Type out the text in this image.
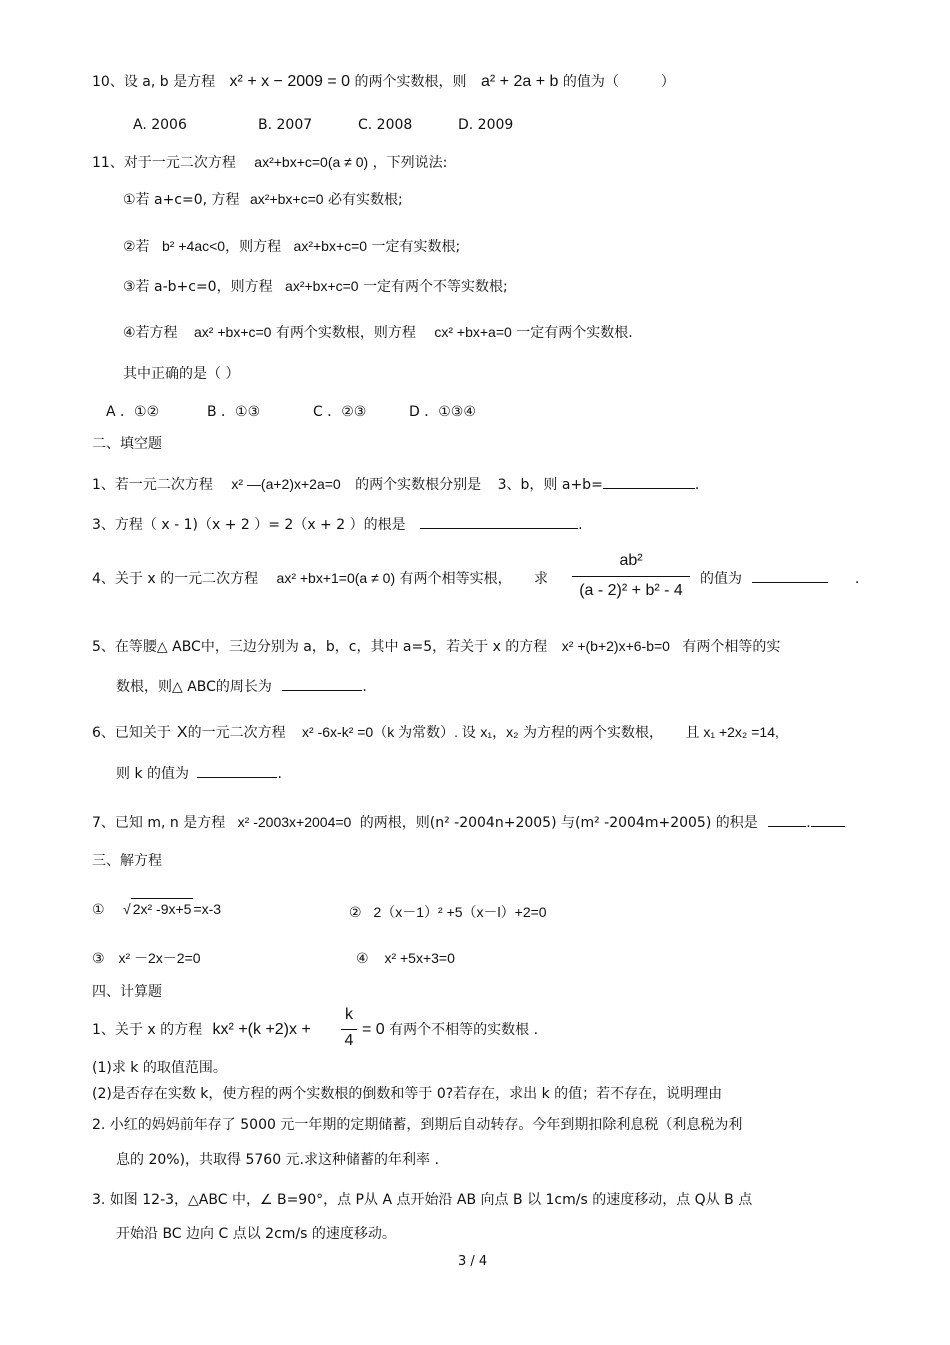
10、设 a, b 是方程 x² + x − 2009 = 0 的两个实数根，则 a² + 2a + b 的值为（　　　）
A. 2006	B. 2007	C. 2008	D. 2009
11、对于一元二次方程 ax²+bx+c=0(a ≠ 0) ，下列说法:
①若 a+c=0, 方程 ax²+bx+c=0 必有实数根;
②若 b² +4ac<0，则方程 ax²+bx+c=0 一定有实数根;
③若 a-b+c=0，则方程 ax²+bx+c=0 一定有两个不等实数根;
④若方程 ax² +bx+c=0 有两个实数根，则方程 cx² +bx+a=0 一定有两个实数根.
其中正确的是（ ）
A ．①②	B ．①③	C ．②③	D ．①③④
二、填空题
1、若一元二次方程 x² —(a+2)x+2a=0 的两个实数根分别是 3、b，则 a+b=	.
3、方程（ x - 1)（x + 2 ）= 2（x + 2 ）的根是	.
4、关于 x 的一元二次方程 ax² +bx+1=0(a ≠ 0) 有两个相等实根， 求
ab²
(a - 2)² + b² - 4
的值为	.
5、在等腰△ ABC中，三边分别为 a，b，c，其中 a=5，若关于 x 的方程 x² +(b+2)x+6-b=0 有两个相等的实
数根，则△ ABC的周长为	.
6、已知关于 X的一元二次方程 x² -6x-k² =0（k 为常数）. 设 x₁，x₂ 为方程的两个实数根， 且 x₁ +2x₂ =14,
则 k 的值为	.
7、已知 m, n 是方程 x² -2003x+2004=0 的两根，则(n² -2004n+2005) 与(m² -2004m+2005) 的积是	.
三、解方程
① √ 2x² -9x+5 =x-3	② 2（x－1）² +5（x－l）+2=0
③ x² －2x－2=0	④ x² +5x+3=0
四、计算题
1、关于 x 的方程 kx² +(k +2)x +
k
4
= 0 有两个不相等的实数根 .
(1)求 k 的取值范围。
(2)是否存在实数 k，使方程的两个实数根的倒数和等于 0?若存在，求出 k 的值；若不存在，说明理由
2. 小红的妈妈前年存了 5000 元一年期的定期储蓄，到期后自动转存。今年到期扣除利息税（利息税为利
息的 20%)，共取得 5760 元.求这种储蓄的年利率 .
3. 如图 12-3，△ABC 中，∠ B=90°，点 P从 A 点开始沿 AB 向点 B 以 1cm/s 的速度移动，点 Q从 B 点
开始沿 BC 边向 C 点以 2cm/s 的速度移动。
3 / 4
